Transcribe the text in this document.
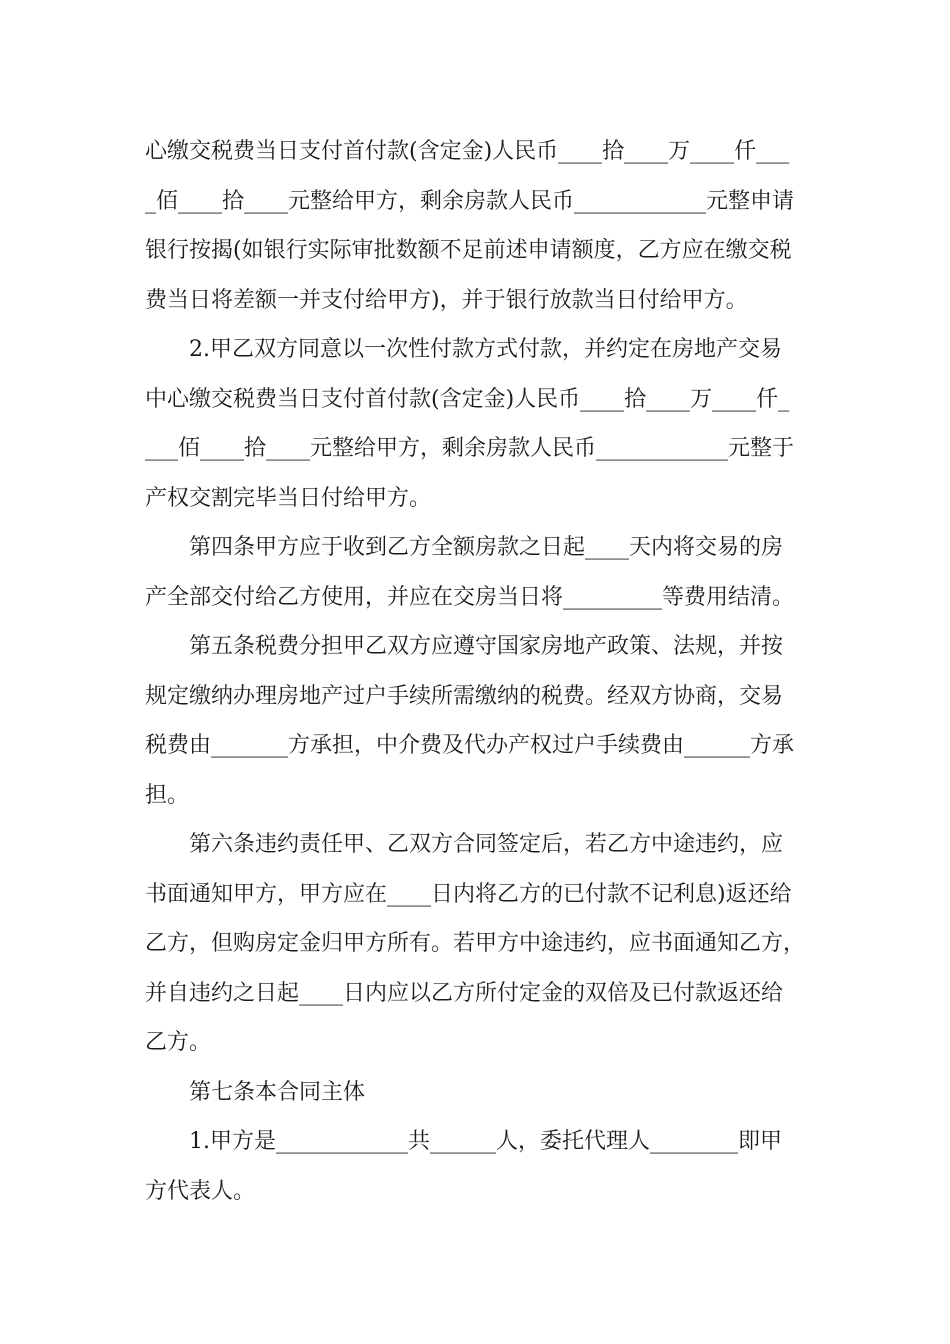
心缴交税费当日支付首付款(含定金)人民币____拾____万____仟___
_佰____拾____元整给甲方，剩余房款人民币____________元整申请
银行按揭(如银行实际审批数额不足前述申请额度，乙方应在缴交税
费当日将差额一并支付给甲方)，并于银行放款当日付给甲方。
2.甲乙双方同意以一次性付款方式付款，并约定在房地产交易
中心缴交税费当日支付首付款(含定金)人民币____拾____万____仟_
___佰____拾____元整给甲方，剩余房款人民币____________元整于
产权交割完毕当日付给甲方。
第四条甲方应于收到乙方全额房款之日起____天内将交易的房
产全部交付给乙方使用，并应在交房当日将_________等费用结清。
第五条税费分担甲乙双方应遵守国家房地产政策、法规，并按
规定缴纳办理房地产过户手续所需缴纳的税费。经双方协商，交易
税费由_______方承担，中介费及代办产权过户手续费由______方承
担。
第六条违约责任甲、乙双方合同签定后，若乙方中途违约，应
书面通知甲方，甲方应在____日内将乙方的已付款不记利息)返还给
乙方，但购房定金归甲方所有。若甲方中途违约，应书面通知乙方，
并自违约之日起____日内应以乙方所付定金的双倍及已付款返还给
乙方。
第七条本合同主体
1.甲方是____________共______人，委托代理人________即甲
方代表人。
